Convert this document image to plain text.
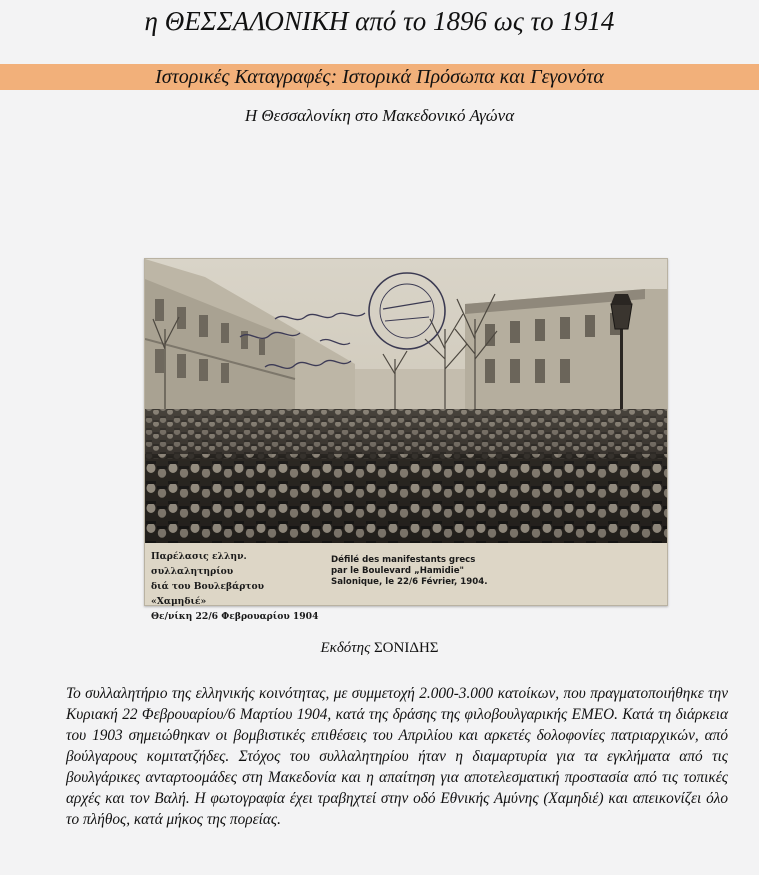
η ΘΕΣΣΑΛΟΝΙΚΗ από το 1896 ως το 1914
Ιστορικές Καταγραφές: Ιστορικά Πρόσωπα και Γεγονότα
Η Θεσσαλονίκη στο Μακεδονικό Αγώνα
Παρέλασις ελλην. συλλαλητηρίου
διά του Βουλεβάρτου «Χαμηδιέ»
Θε/νίκη 22/6 Φεβρουαρίου 1904
Défilé des manifestants grecs
par le Boulevard „Hamidie"
Salonique, le 22/6 Février, 1904.
Εκδότης ΣΟΝΙΔΗΣ

Το συλλαλητήριο της ελληνικής κοινότητας, με συμμετοχή 2.000-3.000 κατοίκων, που πραγματοποιήθηκε την Κυριακή 22 Φεβρουαρίου/6 Μαρτίου 1904, κατά της δράσης της φιλοβουλγαρικής ΕΜΕΟ. Κατά τη διάρκεια του 1903 σημειώθηκαν οι βομβιστικές επιθέσεις του Απριλίου και αρκετές δολοφονίες πατριαρχικών, από βούλγαρους κομιτατζήδες. Στόχος του συλλαλητηρίου ήταν η διαμαρτυρία για τα εγκλήματα από τις βουλγάρικες ανταρτοομάδες στη Μακεδονία και η απαίτηση για αποτελεσματική προστασία από τις τοπικές αρχές και τον Βαλή. Η φωτογραφία έχει τραβηχτεί στην οδό Εθνικής Αμύνης (Χαμηδιέ) και απεικονίζει όλο το πλήθος, κατά μήκος της πορείας.
